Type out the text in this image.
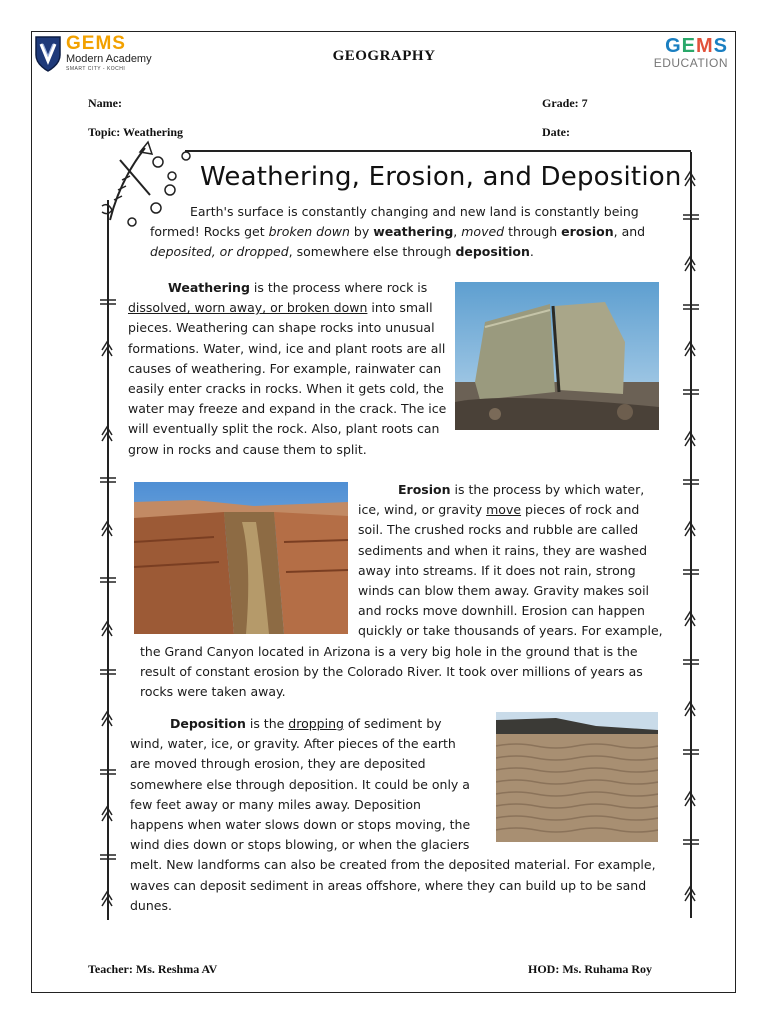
GEMS
Modern Academy
SMART CITY - KOCHI
GEOGRAPHY	GEMS
EDUCATION
Name:	Grade: 7
Topic: Weathering	Date:
Weathering, Erosion, and Deposition
Earth's surface is constantly changing and new land is constantly being formed! Rocks get broken down by weathering, moved through erosion, and deposited, or dropped, somewhere else through deposition.
Weathering is the process where rock is dissolved, worn away, or broken down into small pieces. Weathering can shape rocks into unusual formations. Water, wind, ice and plant roots are all causes of weathering. For example, rainwater can easily enter cracks in rocks. When it gets cold, the water may freeze and expand in the crack. The ice will eventually split the rock. Also, plant roots can grow in rocks and cause them to split.
Erosion is the process by which water, ice, wind, or gravity move pieces of rock and soil. The crushed rocks and rubble are called sediments and when it rains, they are washed away into streams. If it does not rain, strong winds can blow them away. Gravity makes soil and rocks move downhill. Erosion can happen quickly or take thousands of years. For example, the Grand Canyon located in Arizona is a very big hole in the ground that is the result of constant erosion by the Colorado River. It took over millions of years as rocks were taken away.
Deposition is the dropping of sediment by wind, water, ice, or gravity. After pieces of the earth are moved through erosion, they are deposited somewhere else through deposition. It could be only a few feet away or many miles away. Deposition happens when water slows down or stops moving, the wind dies down or stops blowing, or when the glaciers melt. New landforms can also be created from the deposited material. For example, waves can deposit sediment in areas offshore, where they can build up to be sand dunes.
Teacher: Ms. Reshma AV	HOD: Ms. Ruhama Roy
